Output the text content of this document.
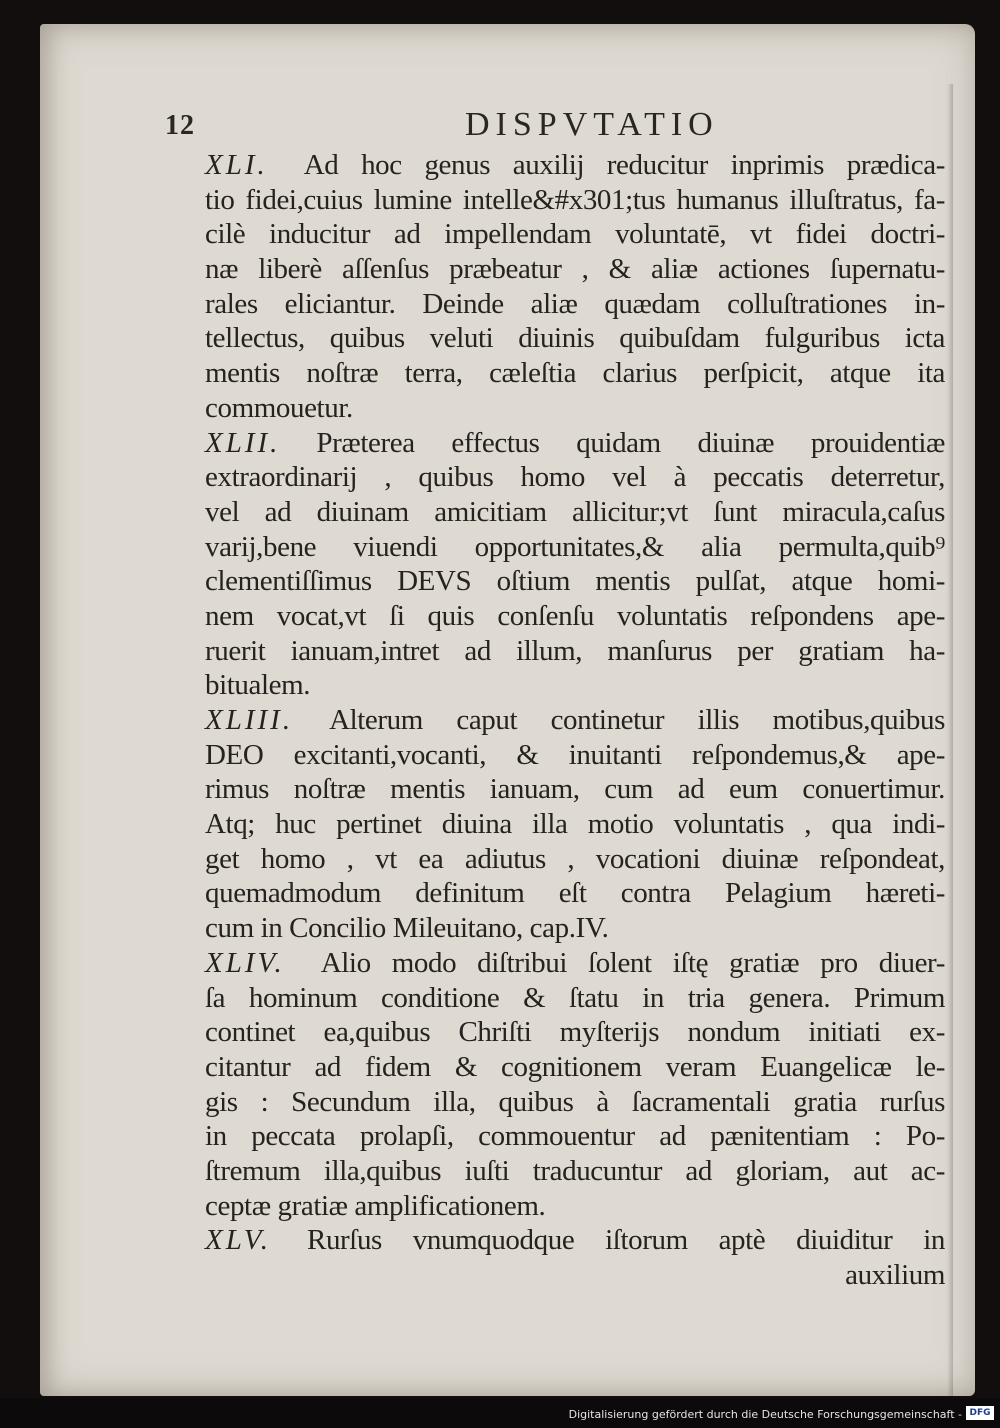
12	DISPVTATIO
XLI. Ad hoc genus auxilij reducitur inprimis prædica-
tio fidei,cuius lumine intelle&#x301;tus humanus illuſtratus, fa-
cilè inducitur ad impellendam voluntatē, vt fidei doctri-
næ liberè aſſenſus præbeatur , & aliæ actiones ſupernatu-
rales eliciantur. Deinde aliæ quædam colluſtrationes in-
tellectus, quibus veluti diuinis quibuſdam fulguribus icta
mentis noſtræ terra, cæleſtia clarius perſpicit, atque ita
commouetur.
XLII. Præterea effectus quidam diuinæ prouidentiæ
extraordinarij , quibus homo vel à peccatis deterretur,
vel ad diuinam amicitiam allicitur;vt ſunt miracula,caſus
varij,bene viuendi opportunitates,& alia permulta,quib⁹
clementiſſimus DEVS oſtium mentis pulſat, atque homi-
nem vocat,vt ſi quis conſenſu voluntatis reſpondens ape-
ruerit ianuam,intret ad illum, manſurus per gratiam ha-
bitualem.
XLIII. Alterum caput continetur illis motibus,quibus
DEO excitanti,vocanti, & inuitanti reſpondemus,& ape-
rimus noſtræ mentis ianuam, cum ad eum conuertimur.
Atq; huc pertinet diuina illa motio voluntatis , qua indi-
get homo , vt ea adiutus , vocationi diuinæ reſpondeat,
quemadmodum definitum eſt contra Pelagium hæreti-
cum in Concilio Mileuitano, cap.IV.
XLIV. Alio modo diſtribui ſolent iſtę gratiæ pro diuer-
ſa hominum conditione & ſtatu in tria genera. Primum
continet ea,quibus Chriſti myſterijs nondum initiati ex-
citantur ad fidem & cognitionem veram Euangelicæ le-
gis : Secundum illa, quibus à ſacramentali gratia rurſus
in peccata prolapſi, commouentur ad pænitentiam : Po-
ſtremum illa,quibus iuſti traducuntur ad gloriam, aut ac-
ceptæ gratiæ amplificationem.
XLV. Rurſus vnumquodque iſtorum aptè diuiditur in
auxilium
Digitalisierung gefördert durch die Deutsche Forschungsgemeinschaft - DFG
